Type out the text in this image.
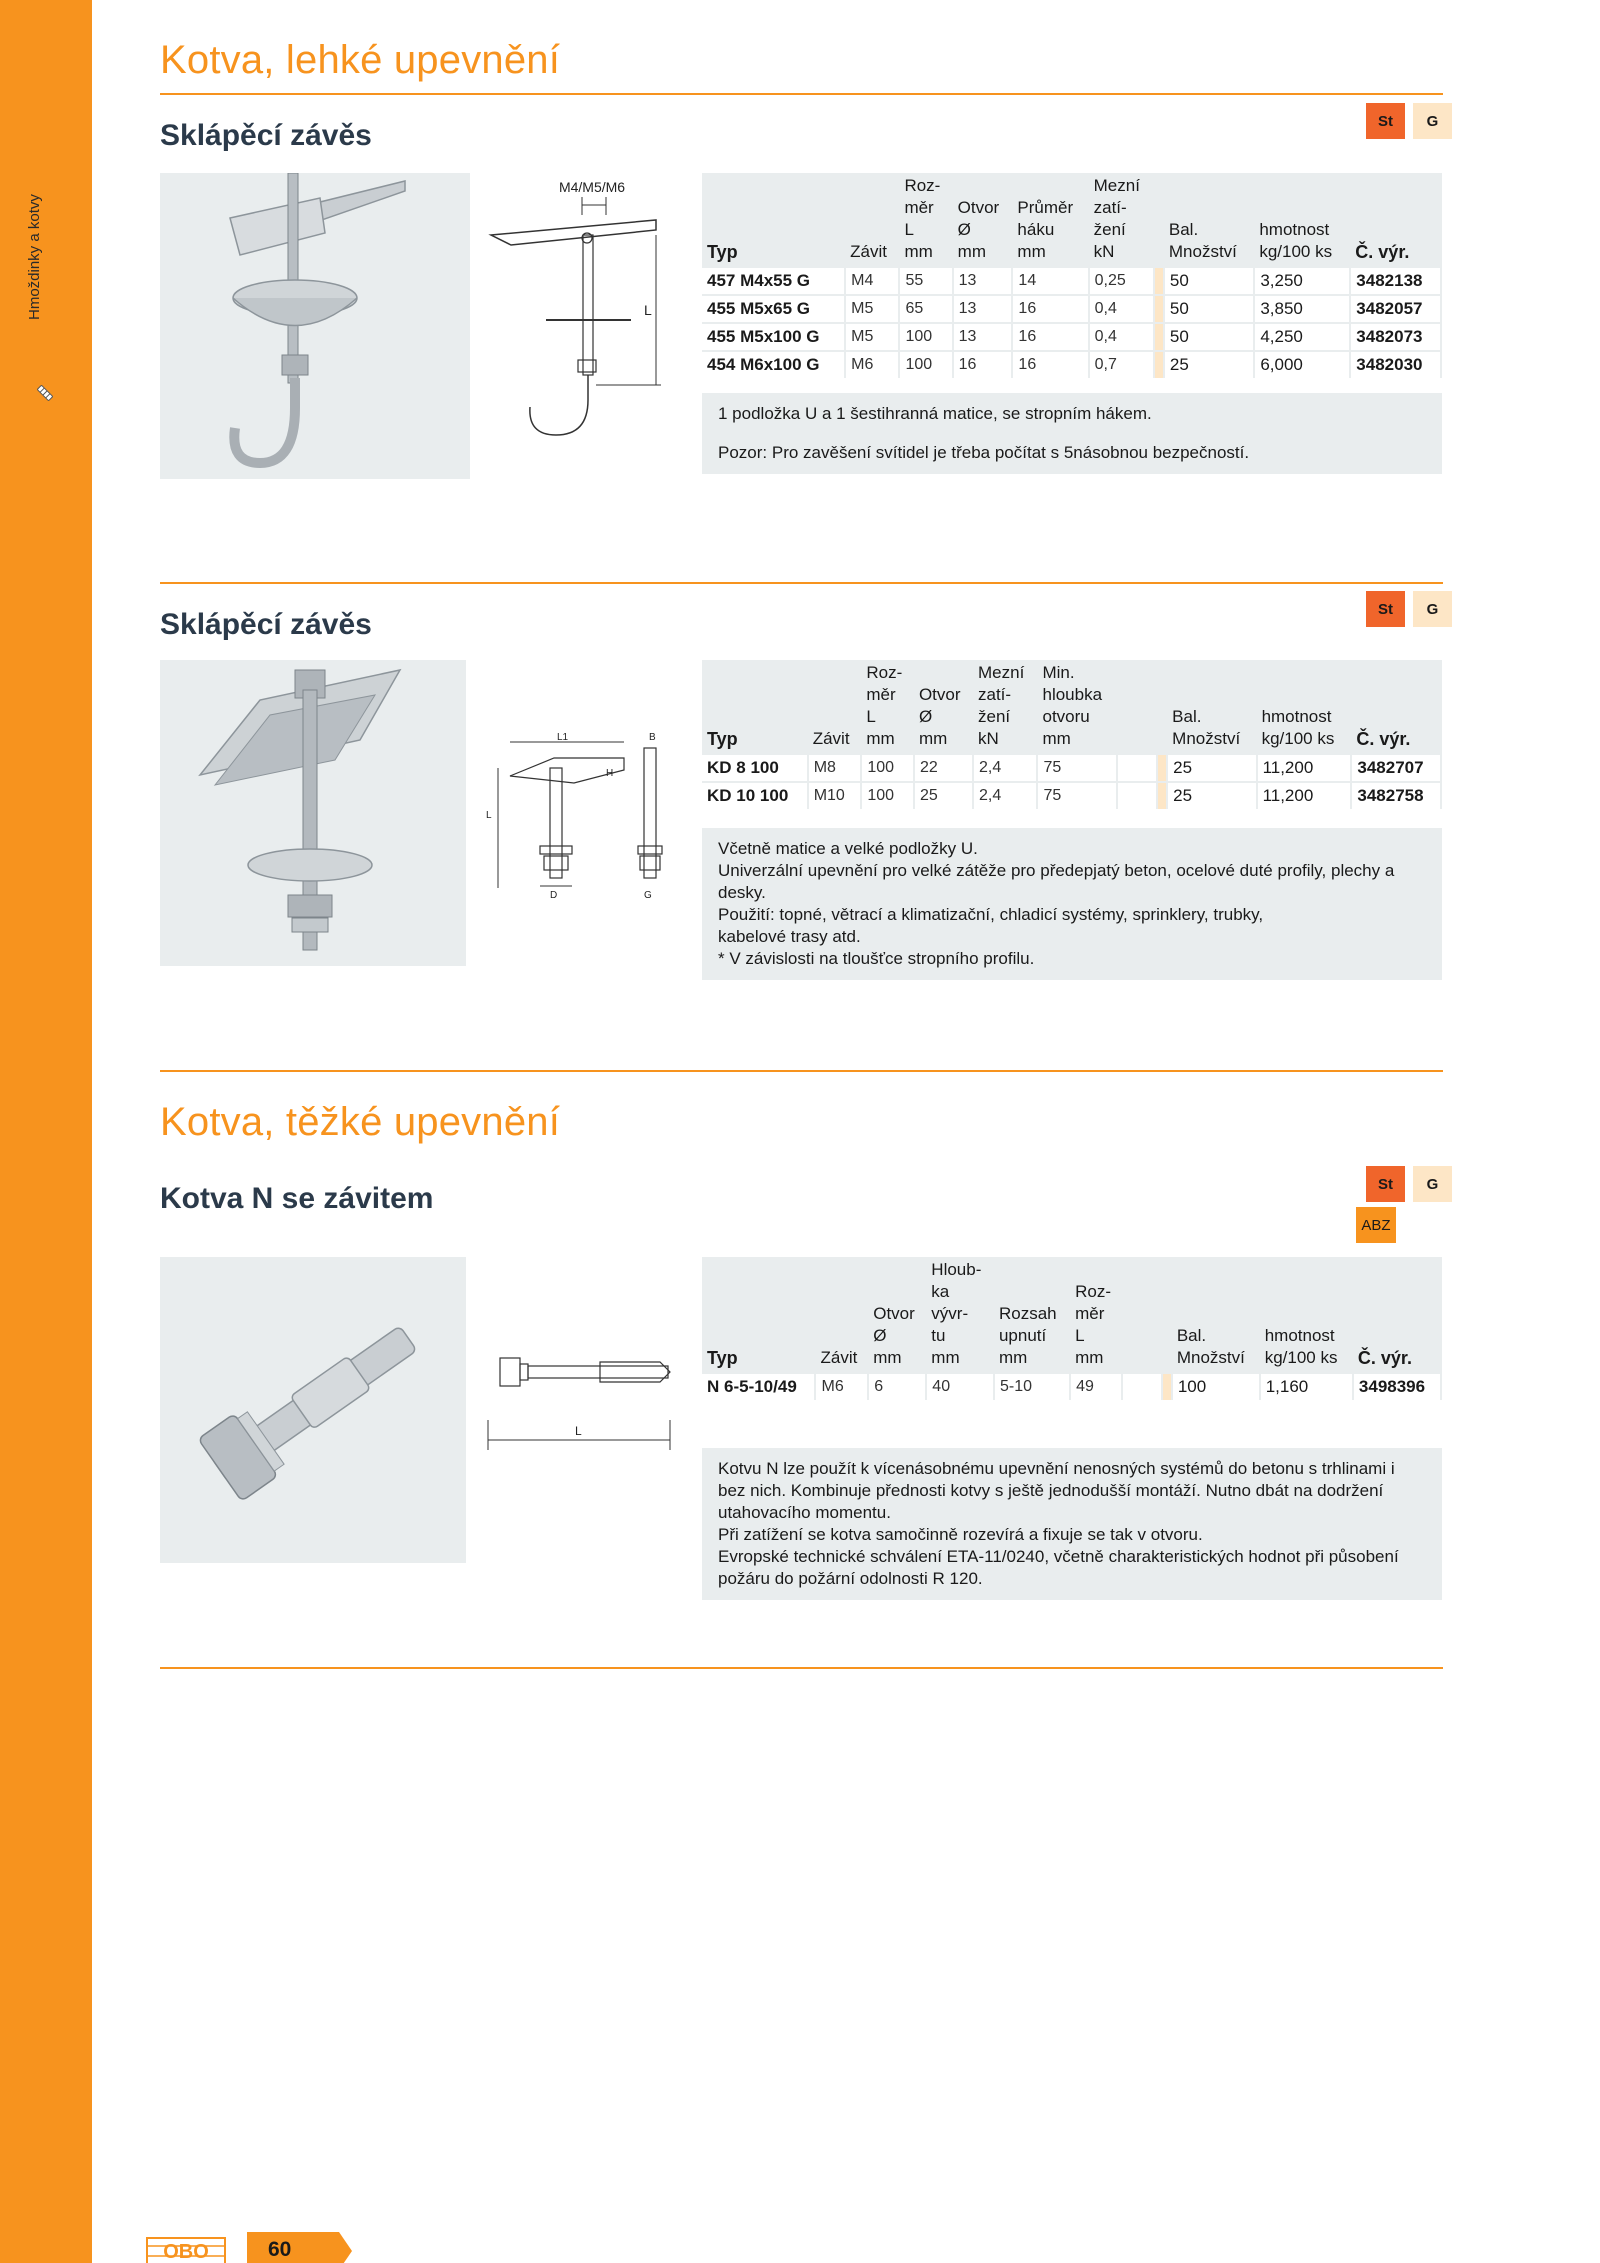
Hmoždinky a kotvy
Kotva, lehké upevnění
Sklápěcí závěs	St	G
M4/M5/M6
L
Typ	Závit	Roz-
měr
L
mm	Otvor
Ø
mm	Průměr
háku
mm	Mezní
zatí-
žení
kN		Bal.
Množství	hmotnost
kg/100 ks	Č. výr.
457 M4x55 G	M4	55	13	14	0,25		50	3,250	3482138
455 M5x65 G	M5	65	13	16	0,4		50	3,850	3482057
455 M5x100 G	M5	100	13	16	0,4		50	4,250	3482073
454 M6x100 G	M6	100	16	16	0,7		25	6,000	3482030

1 podložka U a 1 šestihranná matice, se stropním hákem.

Pozor: Pro zavěšení svítidel je třeba počítat s 5násobnou bezpečností.

Sklápěcí závěs	St	G
L1	B
H
L
D	G
Typ	Závit	Roz-
měr
L
mm	Otvor
Ø
mm	Mezní
zatí-
žení
kN	Min.
hloubka
otvoru
mm			Bal.
Množství	hmotnost
kg/100 ks	Č. výr.
KD 8 100	M8	100	22	2,4	75			25	11,200	3482707
KD 10 100	M10	100	25	2,4	75			25	11,200	3482758

Včetně matice a velké podložky U.

Univerzální upevnění pro velké zátěže pro předepjatý beton, ocelové duté profily, plechy a desky.

Použití: topné, větrací a klimatizační, chladicí systémy, sprinklery, trubky,

kabelové trasy atd.

* V závislosti na tloušťce stropního profilu.

Kotva, těžké upevnění
Kotva N se závitem	St	G
ABZ
L
Typ	Závit	Otvor
Ø
mm	Hloub-
ka
vývr-
tu
mm	Rozsah
upnutí
mm	Roz-
měr
L
mm			Bal.
Množství	hmotnost
kg/100 ks	Č. výr.
N 6-5-10/49	M6	6	40	5-10	49			100	1,160	3498396

Kotvu N lze použít k vícenásobnému upevnění nenosných systémů do betonu s trhlinami i bez nich. Kombinuje přednosti kotvy s ještě jednodušší montáží. Nutno dbát na dodržení utahovacího momentu.

Při zatížení se kotva samočinně rozevírá a fixuje se tak v otvoru.

Evropské technické schválení ETA-11/0240, včetně charakteristických hodnot při působení požáru do požární odolnosti R 120.

OBO	60
